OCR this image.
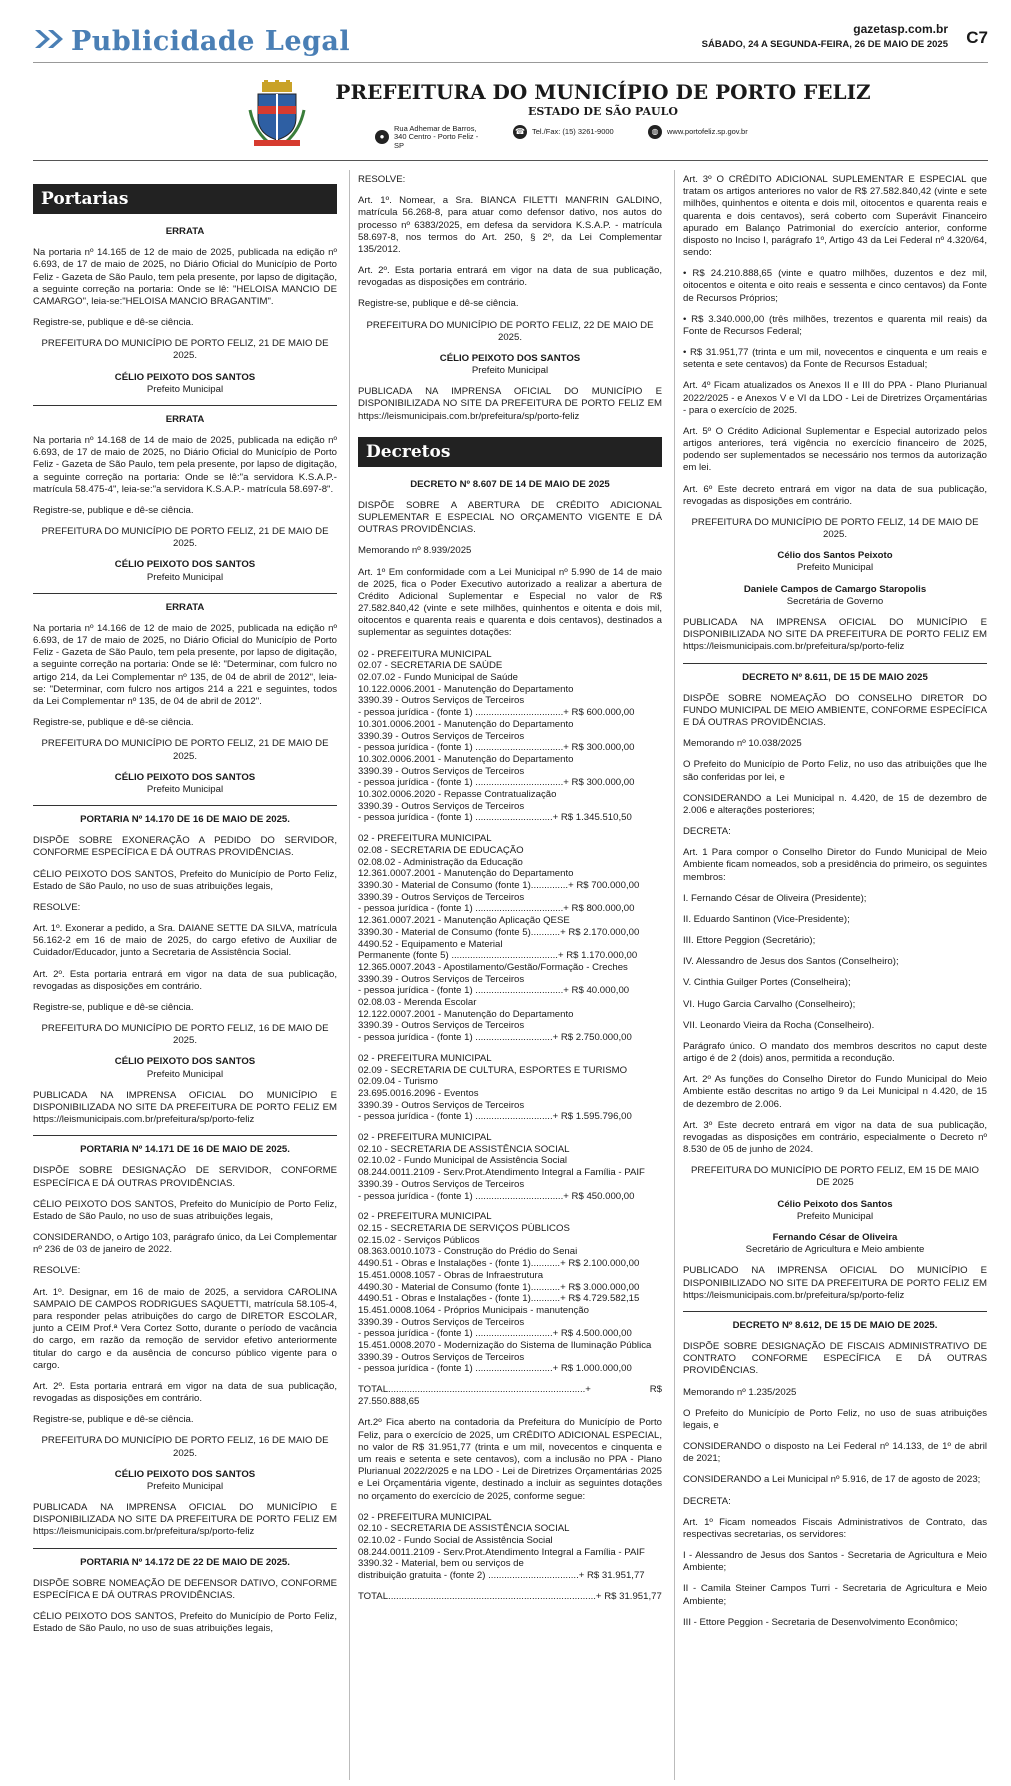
Publicidade Legal	gazetasp.com.br
SÁBADO, 24 A SEGUNDA-FEIRA, 26 DE MAIO DE 2025 C7
PREFEITURA DO MUNICÍPIO DE PORTO FELIZ
ESTADO DE SÃO PAULO
●
Rua Adhemar de Barros, 340 Centro - Porto Feliz - SP
☎ Tel./Fax: (15) 3261-9000	◍	www.portofeliz.sp.gov.br
Portarias
ERRATA
Na portaria nº 14.165 de 12 de maio de 2025, publicada na edição nº 6.693, de 17 de maio de 2025, no Diário Oficial do Município de Porto Feliz - Gazeta de São Paulo, tem pela presente, por lapso de digitação, a seguinte correção na portaria: Onde se lê: "HELOISA MANCIO DE CAMARGO", leia-se:"HELOISA MANCIO BRAGANTIM".
Registre-se, publique e dê-se ciência.
PREFEITURA DO MUNICÍPIO DE PORTO FELIZ, 21 DE MAIO DE 2025.
CÉLIO PEIXOTO DOS SANTOS
Prefeito Municipal
ERRATA
Na portaria nº 14.168 de 14 de maio de 2025, publicada na edição nº 6.693, de 17 de maio de 2025, no Diário Oficial do Município de Porto Feliz - Gazeta de São Paulo, tem pela presente, por lapso de digitação, a seguinte correção na portaria: Onde se lê:"a servidora K.S.A.P.- matrícula 58.475-4", leia-se:"a servidora K.S.A.P.- matrícula 58.697-8".
Registre-se, publique e dê-se ciência.
PREFEITURA DO MUNICÍPIO DE PORTO FELIZ, 21 DE MAIO DE 2025.
CÉLIO PEIXOTO DOS SANTOS
Prefeito Municipal
ERRATA
Na portaria nº 14.166 de 12 de maio de 2025, publicada na edição nº 6.693, de 17 de maio de 2025, no Diário Oficial do Município de Porto Feliz - Gazeta de São Paulo, tem pela presente, por lapso de digitação, a seguinte correção na portaria: Onde se lê: "Determinar, com fulcro no artigo 214, da Lei Complementar nº 135, de 04 de abril de 2012", leia-se: "Determinar, com fulcro nos artigos 214 a 221 e seguintes, todos da Lei Complementar nº 135, de 04 de abril de 2012".
Registre-se, publique e dê-se ciência.
PREFEITURA DO MUNICÍPIO DE PORTO FELIZ, 21 DE MAIO DE 2025.
CÉLIO PEIXOTO DOS SANTOS
Prefeito Municipal
PORTARIA Nº 14.170 DE 16 DE MAIO DE 2025.
DISPÕE SOBRE EXONERAÇÃO A PEDIDO DO SERVIDOR, CONFORME ESPECÍFICA E DÁ OUTRAS PROVIDÊNCIAS.
CÉLIO PEIXOTO DOS SANTOS, Prefeito do Município de Porto Feliz, Estado de São Paulo, no uso de suas atribuições legais,
RESOLVE:
Art. 1º. Exonerar a pedido, a Sra. DAIANE SETTE DA SILVA, matrícula 56.162-2 em 16 de maio de 2025, do cargo efetivo de Auxiliar de Cuidador/Educador, junto a Secretaria de Assistência Social.
Art. 2º. Esta portaria entrará em vigor na data de sua publicação, revogadas as disposições em contrário.
Registre-se, publique e dê-se ciência.
PREFEITURA DO MUNICÍPIO DE PORTO FELIZ, 16 DE MAIO DE 2025.
CÉLIO PEIXOTO DOS SANTOS
Prefeito Municipal
PUBLICADA NA IMPRENSA OFICIAL DO MUNICÍPIO E DISPONIBILIZADA NO SITE DA PREFEITURA DE PORTO FELIZ EM https://leismunicipais.com.br/prefeitura/sp/porto-feliz
PORTARIA Nº 14.171 DE 16 DE MAIO DE 2025.
DISPÕE SOBRE DESIGNAÇÃO DE SERVIDOR, CONFORME ESPECÍFICA E DÁ OUTRAS PROVIDÊNCIAS.
CÉLIO PEIXOTO DOS SANTOS, Prefeito do Município de Porto Feliz, Estado de São Paulo, no uso de suas atribuições legais,
CONSIDERANDO, o Artigo 103, parágrafo único, da Lei Complementar nº 236 de 03 de janeiro de 2022.
RESOLVE:
Art. 1º. Designar, em 16 de maio de 2025, a servidora CAROLINA SAMPAIO DE CAMPOS RODRIGUES SAQUETTI, matrícula 58.105-4, para responder pelas atribuições do cargo de DIRETOR ESCOLAR, junto a CEIM Prof.ª Vera Cortez Sotto, durante o período de vacância do cargo, em razão da remoção de servidor efetivo anteriormente titular do cargo e da ausência de concurso público vigente para o cargo.
Art. 2º. Esta portaria entrará em vigor na data de sua publicação, revogadas as disposições em contrário.
Registre-se, publique e dê-se ciência.
PREFEITURA DO MUNICÍPIO DE PORTO FELIZ, 16 DE MAIO DE 2025.
CÉLIO PEIXOTO DOS SANTOS
Prefeito Municipal
PUBLICADA NA IMPRENSA OFICIAL DO MUNICÍPIO E DISPONIBILIZADA NO SITE DA PREFEITURA DE PORTO FELIZ EM https://leismunicipais.com.br/prefeitura/sp/porto-feliz
PORTARIA Nº 14.172 DE 22 DE MAIO DE 2025.
DISPÕE SOBRE NOMEAÇÃO DE DEFENSOR DATIVO, CONFORME ESPECÍFICA E DÁ OUTRAS PROVIDÊNCIAS.
CÉLIO PEIXOTO DOS SANTOS, Prefeito do Município de Porto Feliz, Estado de São Paulo, no uso de suas atribuições legais,
RESOLVE:
Art. 1º. Nomear, a Sra. BIANCA FILETTI MANFRIN GALDINO, matrícula 56.268-8, para atuar como defensor dativo, nos autos do processo nº 6383/2025, em defesa da servidora K.S.A.P. - matrícula 58.697-8, nos termos do Art. 250, § 2º, da Lei Complementar 135/2012.
Art. 2º. Esta portaria entrará em vigor na data de sua publicação, revogadas as disposições em contrário.
Registre-se, publique e dê-se ciência.
PREFEITURA DO MUNICÍPIO DE PORTO FELIZ, 22 DE MAIO DE 2025.
CÉLIO PEIXOTO DOS SANTOS
Prefeito Municipal
PUBLICADA NA IMPRENSA OFICIAL DO MUNICÍPIO E DISPONIBILIZADA NO SITE DA PREFEITURA DE PORTO FELIZ EM https://leismunicipais.com.br/prefeitura/sp/porto-feliz
Decretos
DECRETO Nº 8.607 DE 14 DE MAIO DE 2025
DISPÕE SOBRE A ABERTURA DE CRÉDITO ADICIONAL SUPLEMENTAR E ESPECIAL NO ORÇAMENTO VIGENTE E DÁ OUTRAS PROVIDÊNCIAS.
Memorando nº 8.939/2025
Art. 1º Em conformidade com a Lei Municipal nº 5.990 de 14 de maio de 2025, fica o Poder Executivo autorizado a realizar a abertura de Crédito Adicional Suplementar e Especial no valor de R$ 27.582.840,42 (vinte e sete milhões, quinhentos e oitenta e dois mil, oitocentos e quarenta reais e quarenta e dois centavos), destinados a suplementar as seguintes dotações:
02 - PREFEITURA MUNICIPAL
02.07 - SECRETARIA DE SAÚDE
02.07.02 - Fundo Municipal de Saúde
10.122.0006.2001 - Manutenção do Departamento
3390.39 - Outros Serviços de Terceiros
- pessoa jurídica - (fonte 1) .................................+ R$ 600.000,00
10.301.0006.2001 - Manutenção do Departamento
3390.39 - Outros Serviços de Terceiros
- pessoa jurídica - (fonte 1) .................................+ R$ 300.000,00
10.302.0006.2001 - Manutenção do Departamento
3390.39 - Outros Serviços de Terceiros
- pessoa jurídica - (fonte 1) .................................+ R$ 300.000,00
10.302.0006.2020 - Repasse Contratualização
3390.39 - Outros Serviços de Terceiros
- pessoa jurídica - (fonte 1) .............................+ R$ 1.345.510,50
02 - PREFEITURA MUNICIPAL
02.08 - SECRETARIA DE EDUCAÇÃO
02.08.02 - Administração da Educação
12.361.0007.2001 - Manutenção do Departamento
3390.30 - Material de Consumo (fonte 1)..............+ R$ 700.000,00
3390.39 - Outros Serviços de Terceiros
- pessoa jurídica - (fonte 1) .................................+ R$ 800.000,00
12.361.0007.2021 - Manutenção Aplicação QESE
3390.30 - Material de Consumo (fonte 5)...........+ R$ 2.170.000,00
4490.52 - Equipamento e Material
Permanente (fonte 5) ........................................+ R$ 1.170.000,00
12.365.0007.2043 - Apostilamento/Gestão/Formação - Creches
3390.39 - Outros Serviços de Terceiros
- pessoa jurídica - (fonte 1) .................................+ R$ 40.000,00
02.08.03 - Merenda Escolar
12.122.0007.2001 - Manutenção do Departamento
3390.39 - Outros Serviços de Terceiros
- pessoa jurídica - (fonte 1) .............................+ R$ 2.750.000,00
02 - PREFEITURA MUNICIPAL
02.09 - SECRETARIA DE CULTURA, ESPORTES E TURISMO
02.09.04 - Turismo
23.695.0016.2096 - Eventos
3390.39 - Outros Serviços de Terceiros
- pessoa jurídica - (fonte 1) .............................+ R$ 1.595.796,00
02 - PREFEITURA MUNICIPAL
02.10 - SECRETARIA DE ASSISTÊNCIA SOCIAL
02.10.02 - Fundo Municipal de Assistência Social
08.244.0011.2109 - Serv.Prot.Atendimento Integral a Família - PAIF
3390.39 - Outros Serviços de Terceiros
- pessoa jurídica - (fonte 1) .................................+ R$ 450.000,00
02 - PREFEITURA MUNICIPAL
02.15 - SECRETARIA DE SERVIÇOS PÚBLICOS
02.15.02 - Serviços Públicos
08.363.0010.1073 - Construção do Prédio do Senai
4490.51 - Obras e Instalações - (fonte 1)...........+ R$ 2.100.000,00
15.451.0008.1057 - Obras de Infraestrutura
4490.30 - Material de Consumo (fonte 1)...........+ R$ 3.000.000,00
4490.51 - Obras e Instalações - (fonte 1)...........+ R$ 4.729.582,15
15.451.0008.1064 - Próprios Municipais - manutenção
3390.39 - Outros Serviços de Terceiros
- pessoa jurídica - (fonte 1) .............................+ R$ 4.500.000,00
15.451.0008.2070 - Modernização do Sistema de Iluminação Pública
3390.39 - Outros Serviços de Terceiros
- pessoa jurídica - (fonte 1) .............................+ R$ 1.000.000,00
TOTAL..........................................................................+ R$ 27.550.888,65
Art.2º Fica aberto na contadoria da Prefeitura do Município de Porto Feliz, para o exercício de 2025, um CRÉDITO ADICIONAL ESPECIAL, no valor de R$ 31.951,77 (trinta e um mil, novecentos e cinquenta e um reais e setenta e sete centavos), com a inclusão no PPA - Plano Plurianual 2022/2025 e na LDO - Lei de Diretrizes Orçamentárias 2025 e Lei Orçamentária vigente, destinado a incluir as seguintes dotações no orçamento do exercício de 2025, conforme segue:
02 - PREFEITURA MUNICIPAL
02.10 - SECRETARIA DE ASSISTÊNCIA SOCIAL
02.10.02 - Fundo Social de Assistência Social
08.244.0011.2109 - Serv.Prot.Atendimento Integral a Família - PAIF
3390.32 - Material, bem ou serviços de
distribuição gratuita - (fonte 2) ..................................+ R$ 31.951,77
TOTAL..............................................................................+ R$ 31.951,77
Art. 3º O CRÉDITO ADICIONAL SUPLEMENTAR E ESPECIAL que tratam os artigos anteriores no valor de R$ 27.582.840,42 (vinte e sete milhões, quinhentos e oitenta e dois mil, oitocentos e quarenta reais e quarenta e dois centavos), será coberto com Superávit Financeiro apurado em Balanço Patrimonial do exercício anterior, conforme disposto no Inciso I, parágrafo 1º, Artigo 43 da Lei Federal nº 4.320/64, sendo:
• R$ 24.210.888,65 (vinte e quatro milhões, duzentos e dez mil, oitocentos e oitenta e oito reais e sessenta e cinco centavos) da Fonte de Recursos Próprios;
• R$ 3.340.000,00 (três milhões, trezentos e quarenta mil reais) da Fonte de Recursos Federal;
• R$ 31.951,77 (trinta e um mil, novecentos e cinquenta e um reais e setenta e sete centavos) da Fonte de Recursos Estadual;
Art. 4º Ficam atualizados os Anexos II e III do PPA - Plano Plurianual 2022/2025 - e Anexos V e VI da LDO - Lei de Diretrizes Orçamentárias - para o exercício de 2025.
Art. 5º O Crédito Adicional Suplementar e Especial autorizado pelos artigos anteriores, terá vigência no exercício financeiro de 2025, podendo ser suplementados se necessário nos termos da autorização em lei.
Art. 6º Este decreto entrará em vigor na data de sua publicação, revogadas as disposições em contrário.
PREFEITURA DO MUNICÍPIO DE PORTO FELIZ, 14 DE MAIO DE 2025.
Célio dos Santos Peixoto
Prefeito Municipal
Daniele Campos de Camargo Staropolis
Secretária de Governo
PUBLICADA NA IMPRENSA OFICIAL DO MUNICÍPIO E DISPONIBILIZADA NO SITE DA PREFEITURA DE PORTO FELIZ EM https://leismunicipais.com.br/prefeitura/sp/porto-feliz
DECRETO Nº 8.611, DE 15 DE MAIO 2025
DISPÕE SOBRE NOMEAÇÃO DO CONSELHO DIRETOR DO FUNDO MUNICIPAL DE MEIO AMBIENTE, CONFORME ESPECÍFICA E DÁ OUTRAS PROVIDÊNCIAS.
Memorando nº 10.038/2025
O Prefeito do Município de Porto Feliz, no uso das atribuições que lhe são conferidas por lei, e
CONSIDERANDO a Lei Municipal n. 4.420, de 15 de dezembro de 2.006 e alterações posteriores;
DECRETA:
Art. 1 Para compor o Conselho Diretor do Fundo Municipal de Meio Ambiente ficam nomeados, sob a presidência do primeiro, os seguintes membros:
I. Fernando César de Oliveira (Presidente);
II. Eduardo Santinon (Vice-Presidente);
III. Ettore Peggion (Secretário);
IV. Alessandro de Jesus dos Santos (Conselheiro);
V. Cinthia Guilger Portes (Conselheira);
VI. Hugo Garcia Carvalho (Conselheiro);
VII. Leonardo Vieira da Rocha (Conselheiro).
Parágrafo único. O mandato dos membros descritos no caput deste artigo é de 2 (dois) anos, permitida a recondução.
Art. 2º As funções do Conselho Diretor do Fundo Municipal do Meio Ambiente estão descritas no artigo 9 da Lei Municipal n 4.420, de 15 de dezembro de 2.006.
Art. 3º Este decreto entrará em vigor na data de sua publicação, revogadas as disposições em contrário, especialmente o Decreto nº 8.530 de 05 de junho de 2024.
PREFEITURA DO MUNICÍPIO DE PORTO FELIZ, EM 15 DE MAIO DE 2025
Célio Peixoto dos Santos
Prefeito Municipal
Fernando César de Oliveira
Secretário de Agricultura e Meio ambiente
PUBLICADO NA IMPRENSA OFICIAL DO MUNICÍPIO E DISPONIBILIZADO NO SITE DA PREFEITURA DE PORTO FELIZ EM https://leismunicipais.com.br/prefeitura/sp/porto-feliz
DECRETO Nº 8.612, DE 15 DE MAIO DE 2025.
DISPÕE SOBRE DESIGNAÇÃO DE FISCAIS ADMINISTRATIVO DE CONTRATO CONFORME ESPECÍFICA E DÁ OUTRAS PROVIDÊNCIAS.
Memorando nº 1.235/2025
O Prefeito do Município de Porto Feliz, no uso de suas atribuições legais, e
CONSIDERANDO o disposto na Lei Federal nº 14.133, de 1º de abril de 2021;
CONSIDERANDO a Lei Municipal nº 5.916, de 17 de agosto de 2023;
DECRETA:
Art. 1º Ficam nomeados Fiscais Administrativos de Contrato, das respectivas secretarias, os servidores:
I - Alessandro de Jesus dos Santos - Secretaria de Agricultura e Meio Ambiente;
II - Camila Steiner Campos Turri - Secretaria de Agricultura e Meio Ambiente;
III - Ettore Peggion - Secretaria de Desenvolvimento Econômico;
